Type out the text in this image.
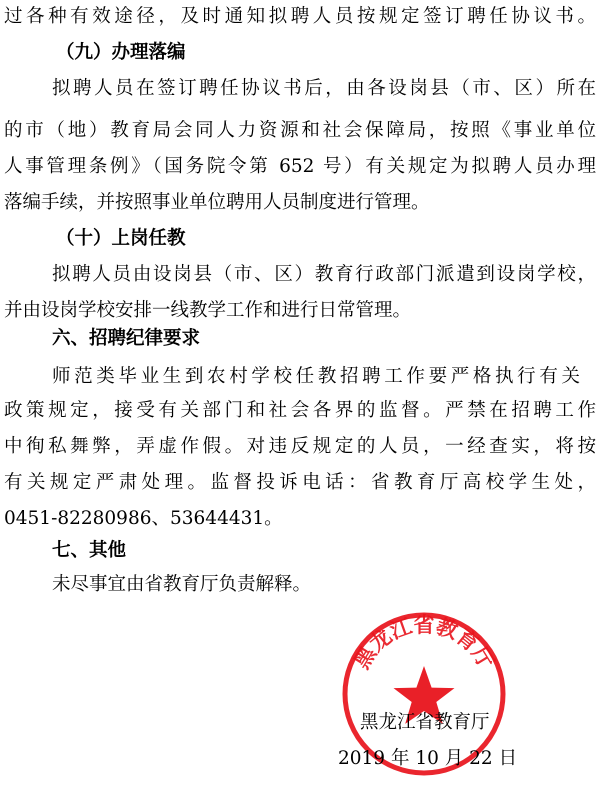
过各种有效途径，及时通知拟聘人员按规定签订聘任协议书。
（九）办理落编
拟聘人员在签订聘任协议书后，由各设岗县（市、区）所在
的市（地）教育局会同人力资源和社会保障局，按照《事业单位
人事管理条例》（国务院令第 652 号）有关规定为拟聘人员办理
落编手续，并按照事业单位聘用人员制度进行管理。
（十）上岗任教
拟聘人员由设岗县（市、区）教育行政部门派遣到设岗学校，
并由设岗学校安排一线教学工作和进行日常管理。
六、招聘纪律要求
师范类毕业生到农村学校任教招聘工作要严格执行有关
政策规定，接受有关部门和社会各界的监督。严禁在招聘工作
中徇私舞弊，弄虚作假。对违反规定的人员，一经查实，将按
有关规定严肃处理。监督投诉电话：省教育厅高校学生处，
0451-82280986、53644431。
七、其他
未尽事宜由省教育厅负责解释。
黑龙江省教育厅
黑龙江省教育厅
2019 年 10 月 22 日
